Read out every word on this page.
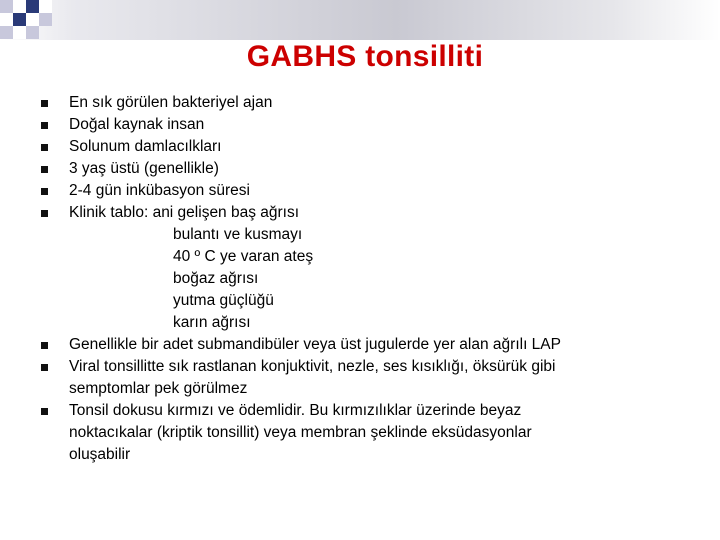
GABHS tonsilliti
En sık görülen bakteriyel ajan
Doğal kaynak insan
Solunum damlacılkları
3 yaş üstü (genellikle)
2-4 gün inkübasyon süresi
Klinik tablo: ani gelişen baş ağrısı
bulantı ve kusmayı
40 º C ye varan ateş
boğaz ağrısı
yutma güçlüğü
karın ağrısı
Genellikle bir adet submandibüler veya üst jugulerde yer alan ağrılı LAP
Viral tonsillitte sık rastlanan konjuktivit, nezle, ses kısıklığı, öksürük gibi
semptomlar pek görülmez
Tonsil dokusu kırmızı ve ödemlidir. Bu kırmızılıklar üzerinde beyaz
noktacıkalar (kriptik tonsillit) veya membran şeklinde eksüdasyonlar
oluşabilir
